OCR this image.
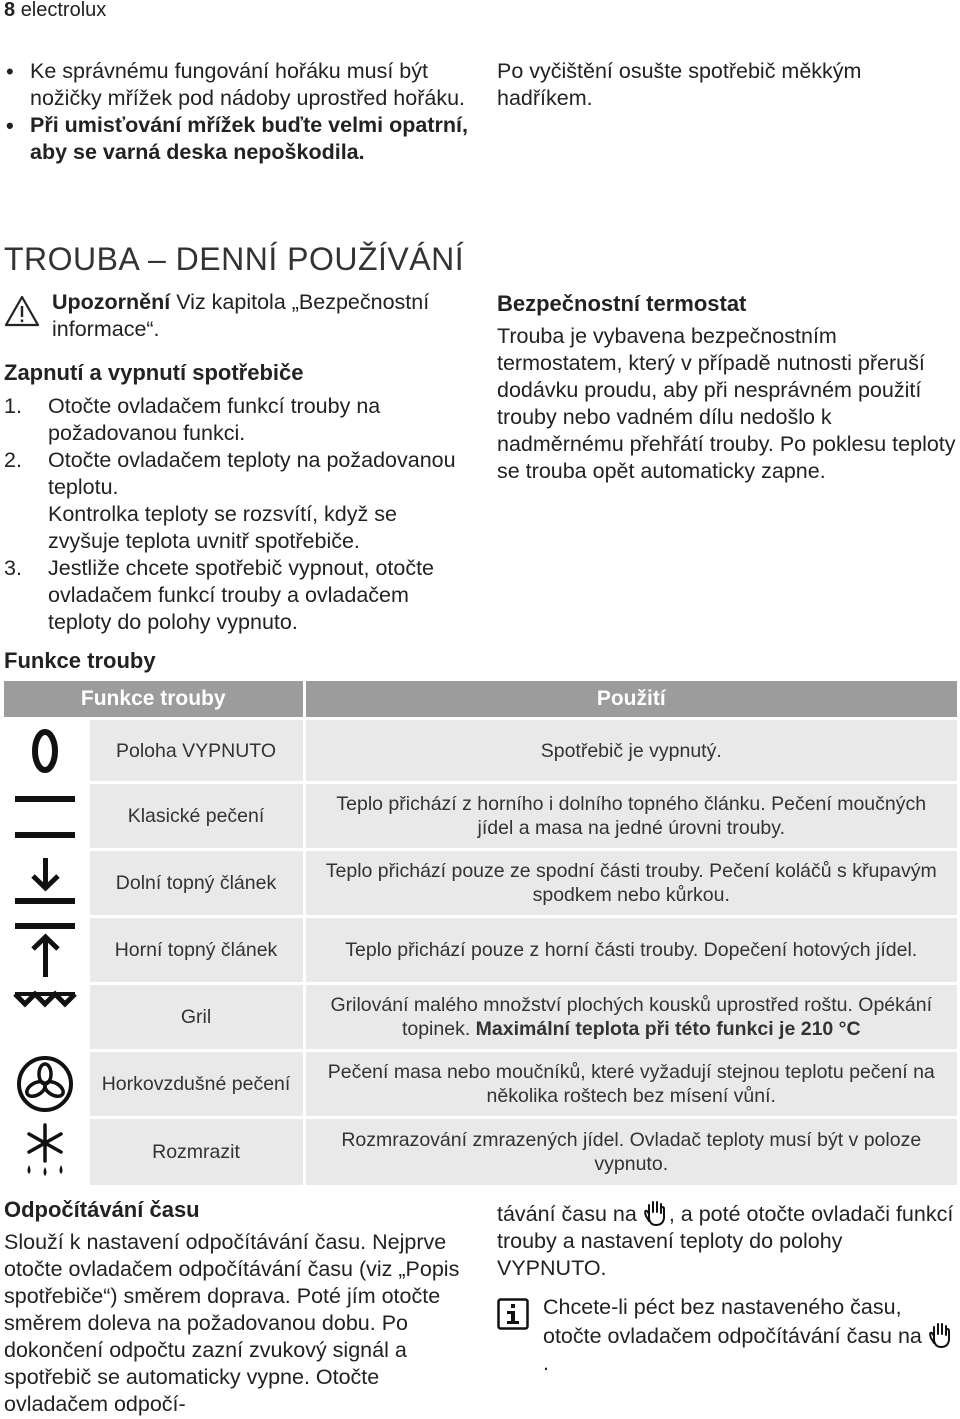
8 electrolux
• Ke správnému fungování hořáku musí být nožičky mřížek pod nádoby uprostřed hořáku.
• Při umisťování mřížek buďte velmi opatrní, aby se varná deska nepoškodila.
Po vyčištění osušte spotřebič měkkým hadříkem.
TROUBA – DENNÍ POUŽÍVÁNÍ
Upozornění Viz kapitola „Bezpečnostní informace“.
Zapnutí a vypnutí spotřebiče
1. Otočte ovladačem funkcí trouby na požadovanou funkci.
2. Otočte ovladačem teploty na požadovanou teplotu.
Kontrolka teploty se rozsvítí, když se zvyšuje teplota uvnitř spotřebiče.
3. Jestliže chcete spotřebič vypnout, otočte ovladačem funkcí trouby a ovladačem teploty do polohy vypnuto.
Bezpečnostní termostat
Trouba je vybavena bezpečnostním termostatem, který v případě nutnosti přeruší dodávku proudu, aby při nesprávném použití trouby nebo vadném dílu nedošlo k nadměrnému přehřátí trouby. Po poklesu teploty se trouba opět automaticky zapne.
Funkce trouby
Funkce trouby		Použití

	Poloha VYPNUTO	Spotřebič je vypnutý.

	Klasické pečení	Teplo přichází z horního i dolního topného článku. Pečení moučných jídel a masa na jedné úrovni trouby.

	Dolní topný článek	Teplo přichází pouze ze spodní části trouby. Pečení koláčů s křupavým spodkem nebo kůrkou.

	Horní topný článek	Teplo přichází pouze z horní části trouby. Dopečení hotových jídel.

	Gril	Grilování malého množství plochých kousků uprostřed roštu. Opékání topinek. Maximální teplota při této funkci je 210 °C

	Horkovzdušné pečení	Pečení masa nebo moučníků, které vyžadují stejnou teplotu pečení na několika roštech bez mísení vůní.

	Rozmrazit	Rozmrazování zmrazených jídel. Ovladač teploty musí být v poloze vypnuto.
Odpočítávání času
Slouží k nastavení odpočítávání času. Nejprve otočte ovladačem odpočítávání času (viz „Popis spotřebiče“) směrem doprava. Poté jím otočte směrem doleva na požadovanou dobu. Po dokončení odpočtu zazní zvukový signál a spotřebič se automaticky vypne. Otočte ovladačem odpočí-
távání času na , a poté otočte ovladači funkcí trouby a nastavení teploty do polohy VYPNUTO.
Chcete-li péct bez nastaveného času, otočte ovladačem odpočítávání času na .
